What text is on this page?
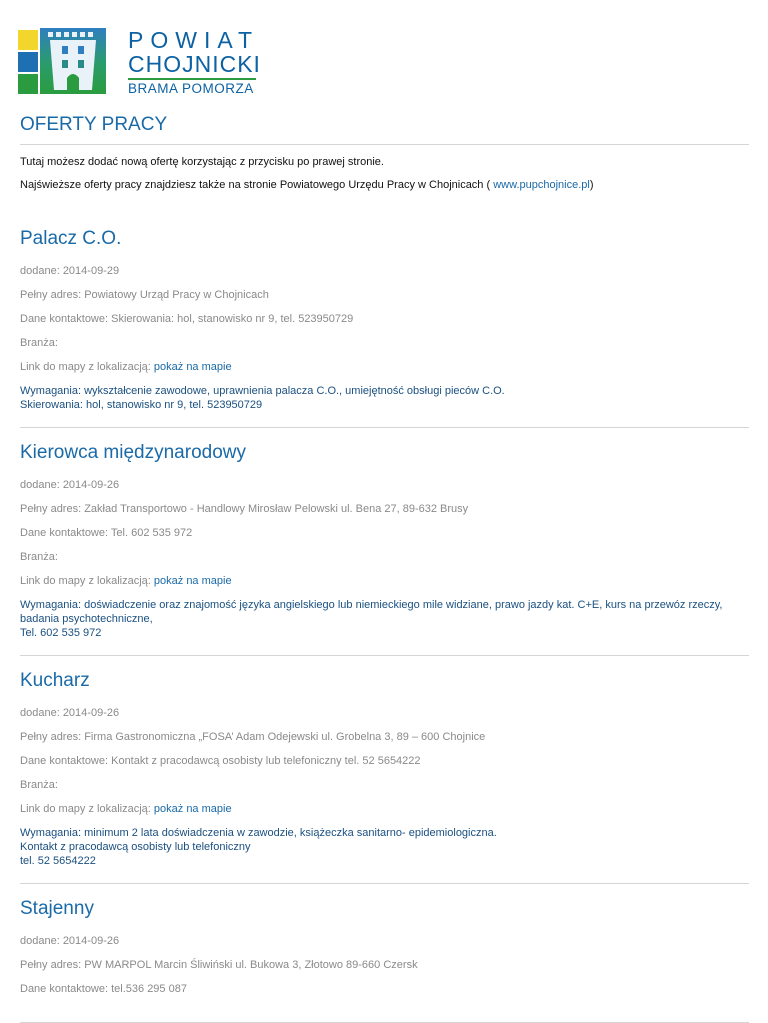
POWIAT
CHOJNICKI
BRAMA POMORZA
OFERTY PRACY

Tutaj możesz dodać nową ofertę korzystając z przycisku po prawej stronie.

Najświeższe oferty pracy znajdziesz także na stronie Powiatowego Urzędu Pracy w Chojnicach ( www.pupchojnice.pl)

Palacz C.O.

dodane: 2014-09-29

Pełny adres: Powiatowy Urząd Pracy w Chojnicach

Dane kontaktowe: Skierowania: hol, stanowisko nr 9, tel. 523950729

Branża:

Link do mapy z lokalizacją: pokaż na mapie

Wymagania: wykształcenie zawodowe, uprawnienia palacza C.O., umiejętność obsługi pieców C.O.

Skierowania: hol, stanowisko nr 9, tel. 523950729

Kierowca międzynarodowy

dodane: 2014-09-26

Pełny adres: Zakład Transportowo - Handlowy Mirosław Pelowski ul. Bena 27, 89-632 Brusy

Dane kontaktowe: Tel. 602 535 972

Branża:

Link do mapy z lokalizacją: pokaż na mapie

Wymagania: doświadczenie oraz znajomość języka angielskiego lub niemieckiego mile widziane, prawo jazdy kat. C+E, kurs na przewóz rzeczy, badania psychotechniczne,

Tel. 602 535 972

Kucharz

dodane: 2014-09-26

Pełny adres: Firma Gastronomiczna „FOSA’ Adam Odejewski ul. Grobelna 3, 89 – 600 Chojnice

Dane kontaktowe: Kontakt z pracodawcą osobisty lub telefoniczny tel. 52 5654222

Branża:

Link do mapy z lokalizacją: pokaż na mapie

Wymagania: minimum 2 lata doświadczenia w zawodzie, książeczka sanitarno- epidemiologiczna.

Kontakt z pracodawcą osobisty lub telefoniczny

tel. 52 5654222

Stajenny

dodane: 2014-09-26

Pełny adres: PW MARPOL Marcin Śliwiński ul. Bukowa 3, Złotowo 89-660 Czersk

Dane kontaktowe: tel.536 295 087
